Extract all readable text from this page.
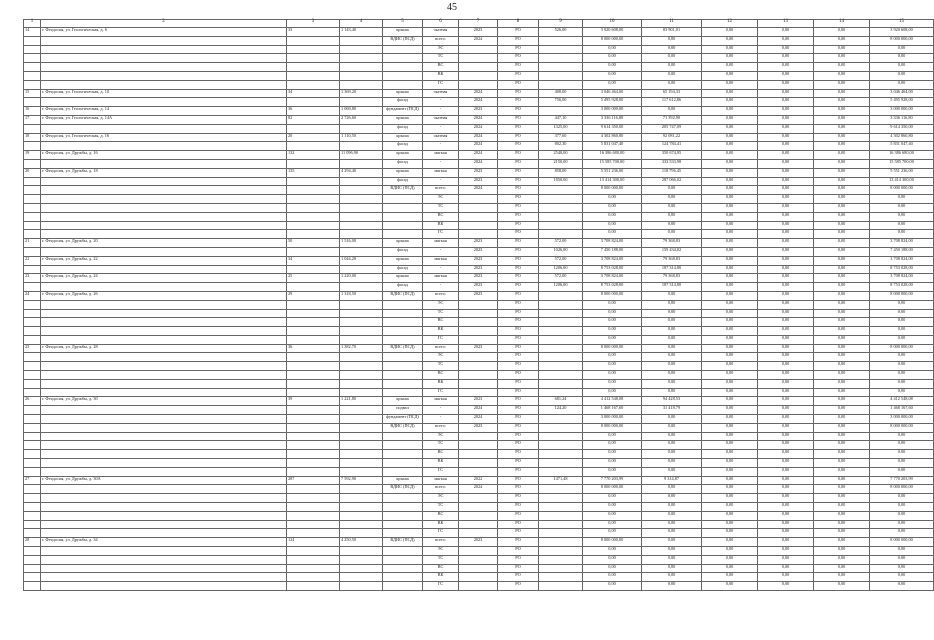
45
1	2	3	4	5	6	7	8	9	10	11	12	13	14	15
14	г. Феодосия, ул. Геологическая, д. 6	33	1 143,40	крыша	скатная	2023	РО	526,00	3 920 608,00	83 901,01	0,00	0,00	0,00	3 920 608,00
				ВДИС (ПСД)	всего:	2024	РО		8 000 000,00	0,00	0,00	0,00	0,00	8 000 000,00
					ЭС		РО		0,00	0,00	0,00	0,00	0,00	0,00
					ТС		РО		0,00	0,00	0,00	0,00	0,00	0,00
					ВС		РО		0,00	0,00	0,00	0,00	0,00	0,00
					ВК		РО		0,00	0,00	0,00	0,00	0,00	0,00
					ГС		РО		0,00	0,00	0,00	0,00	0,00	0,00
15	г. Феодосия, ул. Геологическая, д. 10	34	1 369,20	крыша	скатная	2024	РО	408,00	3 046 464,00	65 194,33	0,00	0,00	0,00	3 046 464,00
				фасад	-	2024	РО	756,00	5 495 928,00	117 612,86	0,00	0,00	0,00	5 495 928,00
16	г. Феодосия, ул. Геологическая, д. 14	36	1 069,80	фундамент (ПСД)	-	2023	РО		3 000 000,00	0,00	0,00	0,00	0,00	3 000 000,00
17	г. Феодосия, ул. Геологическая, д. 14А	82	2 726,60	крыша	скатная	2024	РО	447,10	3 336 116,80	71 392,90	0,00	0,00	0,00	3 336 116,80
				фасад	-	2024	РО	1325,00	9 614 350,00	205 747,09	0,00	0,00	0,00	9 614 350,00
18	г. Феодосия, ул. Геологическая, д. 16	20	1 110,50	крыша	скатная	2024	РО	377,60	4 302 860,80	92 081,22	0,00	0,00	0,00	4 302 860,80
				фасад	-	2024	РО	802,30	5 831 047,40	124 784,41	0,00	0,00	0,00	5 831 047,40
19	г. Феодосия, ул. Дружбы, д. 16	132	11 096,90	крыша	мягкая	2024	РО	2540,00	16 386 680,00	350 674,95	0,00	0,00	0,00	16 386 680,00
				фасад	-	2024	РО	2150,00	15 585 700,00	333 533,98	0,00	0,00	0,00	15 585 700,00
20	г. Феодосия, ул. Дружбы, д. 18	135	4 294,40	крыша	мягкая	2023	РО	858,00	5 551 236,00	118 796,45	0,00	0,00	0,00	5 551 236,00
				фасад	-	2023	РО	1850,00	13 414 300,00	287 066,02	0,00	0,00	0,00	13 414 300,00
				ВДИС (ПСД)	всего:	2024	РО		8 000 000,00	0,00	0,00	0,00	0,00	8 000 000,00
					ЭС		РО		0,00	0,00	0,00	0,00	0,00	0,00
					ТС		РО		0,00	0,00	0,00	0,00	0,00	0,00
					ВС		РО		0,00	0,00	0,00	0,00	0,00	0,00
					ВК		РО		0,00	0,00	0,00	0,00	0,00	0,00
					ГС		РО		0,00	0,00	0,00	0,00	0,00	0,00
21	г. Феодосия, ул. Дружбы, д. 20	50	1 516,00	крыша	мягкая	2023	РО	572,00	3 708 824,00	79 368,83	0,00	0,00	0,00	3 708 824,00
				фасад	-	2023	РО	1026,00	7 450 188,00	159 434,02	0,00	0,00	0,00	7 450 188,00
22	г. Феодосия, ул. Дружбы, д. 22	34	1 044,20	крыша	мягкая	2023	РО	572,00	3 708 824,00	79 368,83	0,00	0,00	0,00	3 708 824,00
				фасад	-	2023	РО	1206,00	8 753 028,00	187 314,80	0,00	0,00	0,00	8 753 028,00
23	г. Феодосия, ул. Дружбы, д. 24	25	1 220,00	крыша	мягкая	2023	РО	572,00	3 708 824,00	79 368,83	0,00	0,00	0,00	3 708 824,00
				фасад	-	2023	РО	1206,00	8 753 028,00	187 314,80	0,00	0,00	0,00	8 753 028,00
24	г. Феодосия, ул. Дружбы, д. 26	29	1 318,50	ВДИС (ПСД)	всего:	2023	РО		8 000 000,00	0,00	0,00	0,00	0,00	8 000 000,00
					ЭС		РО		0,00	0,00	0,00	0,00	0,00	0,00
					ТС		РО		0,00	0,00	0,00	0,00	0,00	0,00
					ВС		РО		0,00	0,00	0,00	0,00	0,00	0,00
					ВК		РО		0,00	0,00	0,00	0,00	0,00	0,00
					ГС		РО		0,00	0,00	0,00	0,00	0,00	0,00
25	г. Феодосия, ул. Дружбы, д. 28	36	1 382,70	ВДИС (ПСД)	всего:	2023	РО		8 000 000,00	0,00	0,00	0,00	0,00	8 000 000,00
					ЭС		РО		0,00	0,00	0,00	0,00	0,00	0,00
					ТС		РО		0,00	0,00	0,00	0,00	0,00	0,00
					ВС		РО		0,00	0,00	0,00	0,00	0,00	0,00
					ВК		РО		0,00	0,00	0,00	0,00	0,00	0,00
					ГС		РО		0,00	0,00	0,00	0,00	0,00	0,00
26	г. Феодосия, ул. Дружбы, д. 30	39	1 221,80	крыша	мягкая	2023	РО	681,24	4 412 548,08	94 428,53	0,00	0,00	0,00	4 412 548,08
				подвал	-	2024	РО	124,20	1 468 167,60	31 418,79	0,00	0,00	0,00	1 468 167,60
				фундамент (ПСД)	-	2024	РО		3 000 000,00	0,00	0,00	0,00	0,00	3 000 000,00
				ВДИС (ПСД)	всего:	2023	РО		8 000 000,00	0,00	0,00	0,00	0,00	8 000 000,00
					ЭС		РО		0,00	0,00	0,00	0,00	0,00	0,00
					ТС		РО		0,00	0,00	0,00	0,00	0,00	0,00
					ВС		РО		0,00	0,00	0,00	0,00	0,00	0,00
					ВК		РО		0,00	0,00	0,00	0,00	0,00	0,00
					ГС		РО		0,00	0,00	0,00	0,00	0,00	0,00
27	г. Феодосия, ул. Дружбы, д. 30А	287	7 592,90	крыша	мягкая	2022	РО	1471,48	7 770 203,99	9 314,87	0,00	0,00	0,00	7 770 203,99
				ВДИС (ПСД)	всего:	2024	РО		8 000 000,00	0,00	0,00	0,00	0,00	8 000 000,00
					ЭС		РО		0,00	0,00	0,00	0,00	0,00	0,00
					ТС		РО		0,00	0,00	0,00	0,00	0,00	0,00
					ВС		РО		0,00	0,00	0,00	0,00	0,00	0,00
					ВК		РО		0,00	0,00	0,00	0,00	0,00	0,00
					ГС		РО		0,00	0,00	0,00	0,00	0,00	0,00
28	г. Феодосия, ул. Дружбы, д. 34	124	4 250,50	ВДИС (ПСД)	всего:	2023	РО		8 000 000,00	0,00	0,00	0,00	0,00	8 000 000,00
					ЭС		РО		0,00	0,00	0,00	0,00	0,00	0,00
					ТС		РО		0,00	0,00	0,00	0,00	0,00	0,00
					ВС		РО		0,00	0,00	0,00	0,00	0,00	0,00
					ВК		РО		0,00	0,00	0,00	0,00	0,00	0,00
					ГС		РО		0,00	0,00	0,00	0,00	0,00	0,00
